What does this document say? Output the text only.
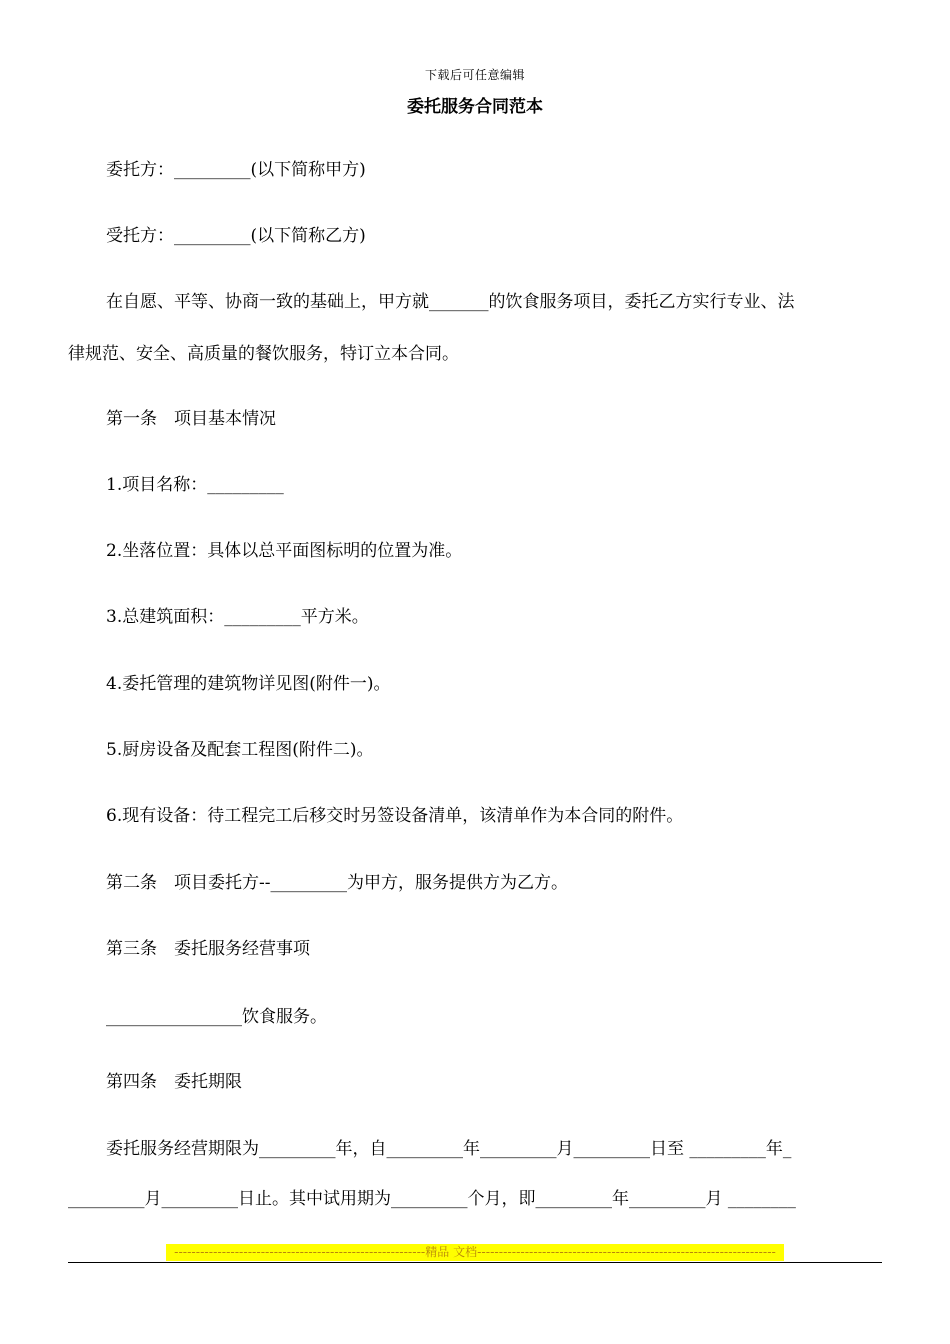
下载后可任意编辑
委托服务合同范本
委托方：_________(以下简称甲方)
受托方：_________(以下简称乙方)
在自愿、平等、协商一致的基础上，甲方就_______的饮食服务项目，委托乙方实行专业、法
律规范、安全、高质量的餐饮服务，特订立本合同。
第一条　项目基本情况
1.项目名称：_________
2.坐落位置：具体以总平面图标明的位置为准。
3.总建筑面积：_________平方米。
4.委托管理的建筑物详见图(附件一)。
5.厨房设备及配套工程图(附件二)。
6.现有设备：待工程完工后移交时另签设备清单，该清单作为本合同的附件。
第二条　项目委托方--_________为甲方，服务提供方为乙方。
第三条　委托服务经营事项
________________饮食服务。
第四条　委托期限
委托服务经营期限为_________年，自_________年_________月_________日至 _________年_
_________月_________日止。其中试用期为_________个月，即_________年_________月 ________
----------------------------------------------------------精品 文档---------------------------------------------------------------------
